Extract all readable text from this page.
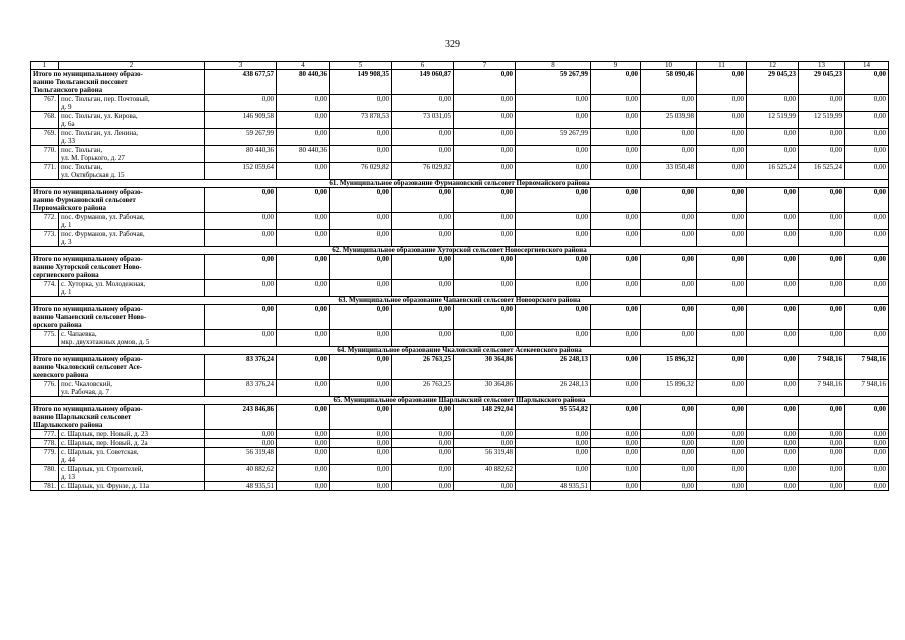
329
1	2	3	4	5	6	7	8	9	10	11	12	13	14

Итого по муниципальному образо-
ванию Тюльганский поссовет
Тюльганского района		438 677,57	80 440,36	149 908,35	149 060,87	0,00	59 267,99	0,00	58 090,46	0,00	29 045,23	29 045,23	0,00
767.	пос. Тюльган, пер. Почтовый,
д. 9	0,00	0,00	0,00	0,00	0,00	0,00	0,00	0,00	0,00	0,00	0,00	0,00
768.	пос. Тюльган, ул. Кирова,
д. 6а	146 909,58	0,00	73 878,53	73 031,05	0,00	0,00	0,00	25 039,98	0,00	12 519,99	12 519,99	0,00
769.	пос. Тюльган, ул. Ленина,
д. 33	59 267,99	0,00	0,00	0,00	0,00	59 267,99	0,00	0,00	0,00	0,00	0,00	0,00
770.	пос. Тюльган,
ул. М. Горького, д. 27	80 440,36	80 440,36	0,00	0,00	0,00	0,00	0,00	0,00	0,00	0,00	0,00	0,00
771.	пос. Тюльган,
ул. Октябрьская д. 15	152 059,64	0,00	76 029,82	76 029,82	0,00	0,00	0,00	33 050,48	0,00	16 525,24	16 525,24	0,00
61. Муниципальное образование Фурмановский сельсовет Первомайского района													

Итого по муниципальному образо-
ванию Фурмановский сельсовет
Первомайского района		0,00	0,00	0,00	0,00	0,00	0,00	0,00	0,00	0,00	0,00	0,00	0,00
772.	пос. Фурманов, ул. Рабочая,
д. 1	0,00	0,00	0,00	0,00	0,00	0,00	0,00	0,00	0,00	0,00	0,00	0,00
773.	пос. Фурманов, ул. Рабочая,
д. 3	0,00	0,00	0,00	0,00	0,00	0,00	0,00	0,00	0,00	0,00	0,00	0,00
62. Муниципальное образование Хуторской сельсовет Новосергиевского района													

Итого по муниципальному образо-
ванию Хуторской сельсовет Ново-
сергиевского района		0,00	0,00	0,00	0,00	0,00	0,00	0,00	0,00	0,00	0,00	0,00	0,00
774.	с. Хуторка, ул. Молодежная,
д. 1	0,00	0,00	0,00	0,00	0,00	0,00	0,00	0,00	0,00	0,00	0,00	0,00
63. Муниципальное образование Чапаевский сельсовет Новоорского района													

Итого по муниципальному образо-
ванию Чапаевский сельсовет Ново-
орского района		0,00	0,00	0,00	0,00	0,00	0,00	0,00	0,00	0,00	0,00	0,00	0,00
775.	с. Чапаевка,
мкр. двухэтажных домов, д. 5	0,00	0,00	0,00	0,00	0,00	0,00	0,00	0,00	0,00	0,00	0,00	0,00
64. Муниципальное образование Чкаловский сельсовет Асекеевского района													

Итого по муниципальному образо-
ванию Чкаловский сельсовет Асе-
кеевского района		83 376,24	0,00	0,00	26 763,25	30 364,86	26 248,13	0,00	15 896,32	0,00	0,00	7 948,16	7 948,16
776.	пос. Чкаловский,
ул. Рабочая, д. 7	83 376,24	0,00	0,00	26 763,25	30 364,86	26 248,13	0,00	15 896,32	0,00	0,00	7 948,16	7 948,16
65. Муниципальное образование Шарлыкский сельсовет Шарлыкского района													

Итого по муниципальному образо-
ванию Шарлыкский сельсовет
Шарлыкского района		243 846,86	0,00	0,00	0,00	148 292,04	95 554,82	0,00	0,00	0,00	0,00	0,00	0,00
777.	с. Шарлык, пер. Новый, д. 23	0,00	0,00	0,00	0,00	0,00	0,00	0,00	0,00	0,00	0,00	0,00	0,00
778.	с. Шарлык, пер. Новый, д. 2а	0,00	0,00	0,00	0,00	0,00	0,00	0,00	0,00	0,00	0,00	0,00	0,00
779.	с. Шарлык, ул. Советская,
д. 44	56 319,48	0,00	0,00	0,00	56 319,48	0,00	0,00	0,00	0,00	0,00	0,00	0,00
780.	с. Шарлык, ул. Строителей,
д. 13	40 882,62	0,00	0,00	0,00	40 882,62	0,00	0,00	0,00	0,00	0,00	0,00	0,00
781.	с. Шарлык, ул. Фрунзе, д. 11а	48 935,51	0,00	0,00	0,00	0,00	48 935,51	0,00	0,00	0,00	0,00	0,00	0,00
